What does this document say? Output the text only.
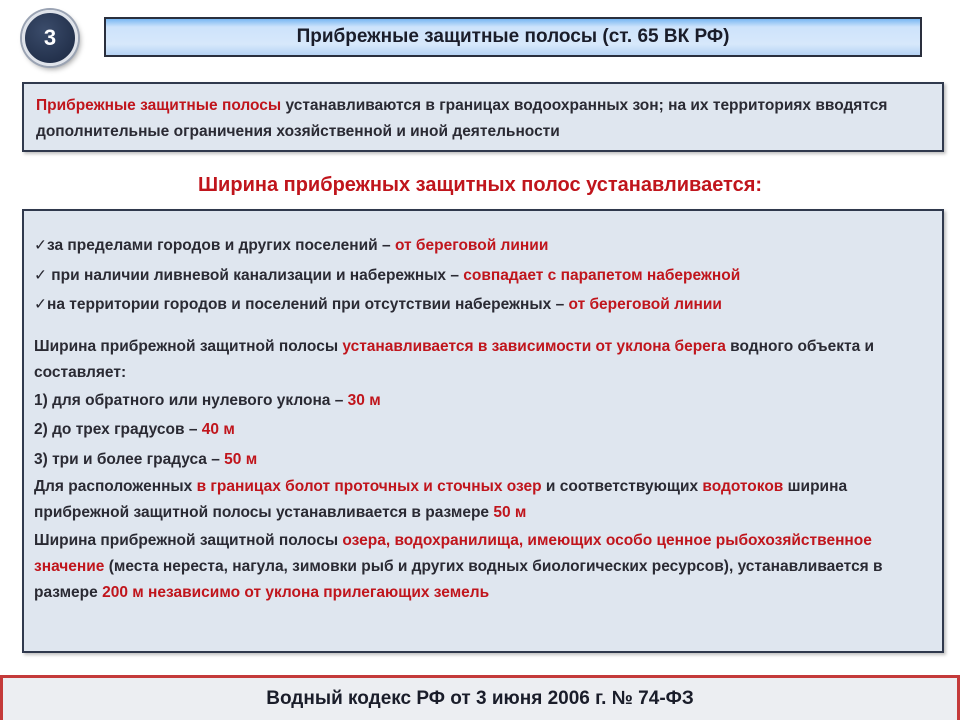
3	Прибрежные защитные полосы (ст. 65 ВК РФ)
Прибрежные защитные полосы устанавливаются в границах водоохранных зон; на их территориях вводятся дополнительные ограничения хозяйственной и иной деятельности
Ширина прибрежных защитных полос устанавливается:
✓за пределами городов и других поселений – от береговой линии
✓ при наличии ливневой канализации и набережных – совпадает с парапетом набережной
✓на территории городов и поселений при отсутствии набережных – от береговой линии
Ширина прибрежной защитной полосы устанавливается в зависимости от уклона берега водного объекта и составляет:
1) для обратного или нулевого уклона – 30 м
2) до трех градусов – 40 м
3) три и более градуса – 50 м
Для расположенных в границах болот проточных и сточных озер и соответствующих водотоков ширина прибрежной защитной полосы устанавливается в размере 50 м
Ширина прибрежной защитной полосы озера, водохранилища, имеющих особо ценное рыбохозяйственное значение (места нереста, нагула, зимовки рыб и других водных биологических ресурсов), устанавливается в размере 200 м независимо от уклона прилегающих земель
Водный кодекс РФ от 3 июня 2006 г. № 74-ФЗ
